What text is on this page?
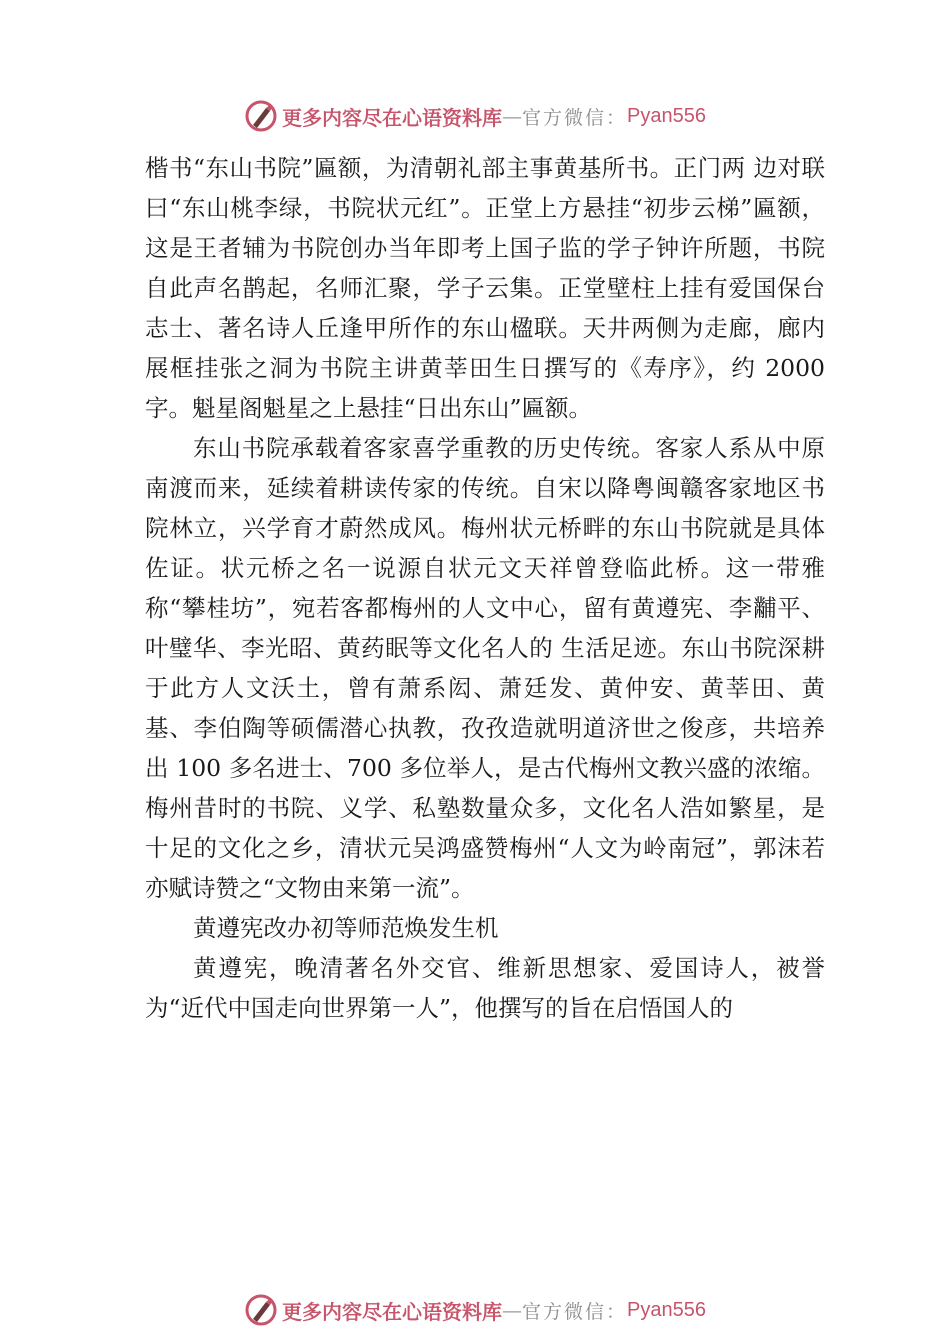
更多内容尽在心语资料库 — 官方微信： Pyan556

楷书“东山书院”匾额，为清朝礼部主事黄基所书。正门两 边对联曰“东山桃李绿，书院状元红”。正堂上方悬挂“初步云梯”匾额，这是王者辅为书院创办当年即考上国子监的学子钟许所题，书院自此声名鹊起，名师汇聚，学子云集。正堂壁柱上挂有爱国保台志士、著名诗人丘逢甲所作的东山楹联。天井两侧为走廊，廊内展框挂张之洞为书院主讲黄莘田生日撰写的《寿序》，约 2000 字。魁星阁魁星之上悬挂“日出东山”匾额。

东山书院承载着客家喜学重教的历史传统。客家人系从中原南渡而来，延续着耕读传家的传统。自宋以降粤闽赣客家地区书院林立，兴学育才蔚然成风。梅州状元桥畔的东山书院就是具体佐证。状元桥之名一说源自状元文天祥曾登临此桥。这一带雅称“攀桂坊”，宛若客都梅州的人文中心，留有黄遵宪、李黼平、叶璧华、李光昭、黄药眠等文化名人的 生活足迹。东山书院深耕于此方人文沃土，曾有萧系闳、萧廷发、黄仲安、黄莘田、黄基、李伯陶等硕儒潜心执教，孜孜造就明道济世之俊彦，共培养出 100 多名进士、700 多位举人，是古代梅州文教兴盛的浓缩。梅州昔时的书院、义学、私塾数量众多，文化名人浩如繁星，是十足的文化之乡，清状元吴鸿盛赞梅州“人文为岭南冠”，郭沫若亦赋诗赞之“文物由来第一流”。

黄遵宪改办初等师范焕发生机

黄遵宪，晚清著名外交官、维新思想家、爱国诗人，被誉为“近代中国走向世界第一人”，他撰写的旨在启悟国人的

更多内容尽在心语资料库 — 官方微信： Pyan556
